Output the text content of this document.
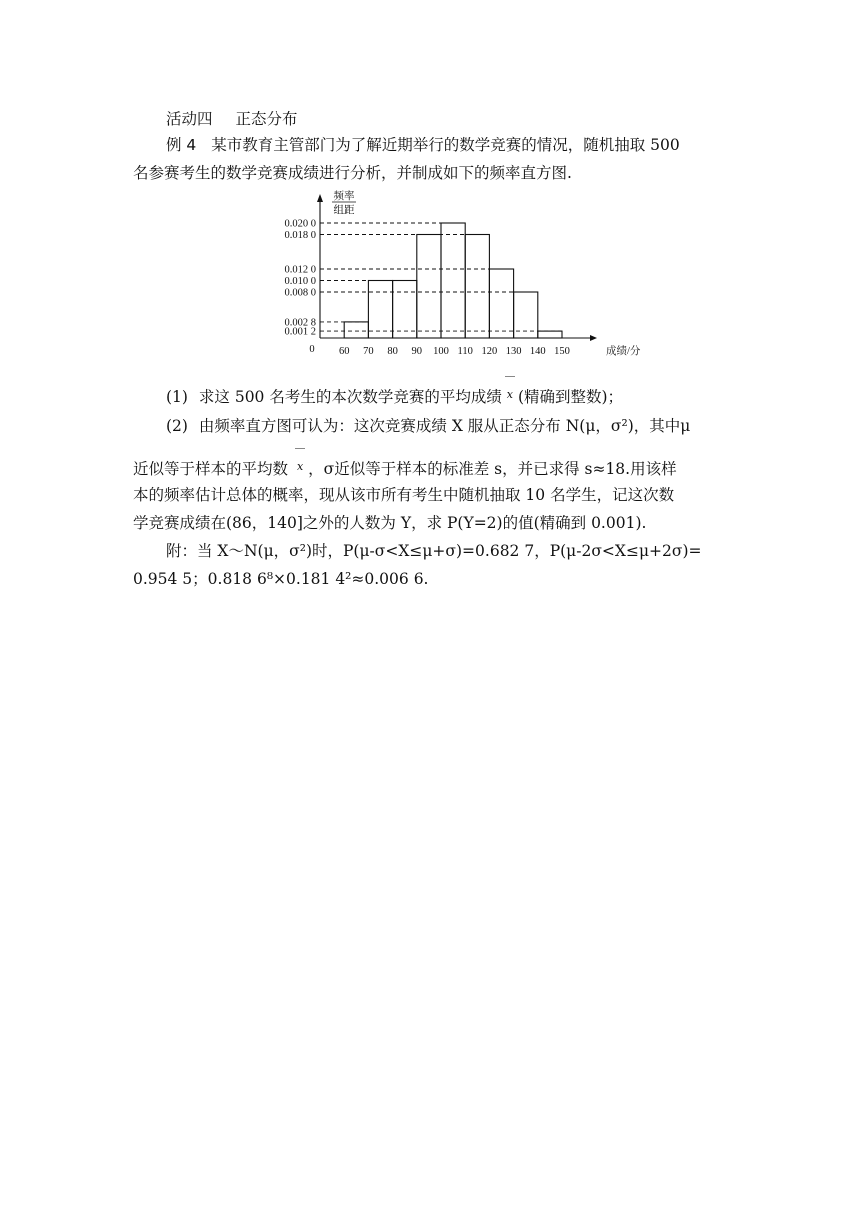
活动四 正态分布
例 4 某市教育主管部门为了解近期举行的数学竞赛的情况，随机抽取 500
名参赛考生的数学竞赛成绩进行分析，并制成如下的频率直方图.
0.020 0
0.018 0
0.012 0
0.010 0
0.008 0
0.002 8
0.001 2
60 70 80 90 100 110 120 130 140 150
0	成绩/分
频率
组距
(1) 求这 500 名考生的本次数学竞赛的平均成绩 x (精确到整数)；
(2) 由频率直方图可认为：这次竞赛成绩 X 服从正态分布 N(μ，σ²)，其中μ
近似等于样本的平均数 x ，σ近似等于样本的标准差 s，并已求得 s≈18.用该样
本的频率估计总体的概率，现从该市所有考生中随机抽取 10 名学生，记这次数
学竞赛成绩在(86，140]之外的人数为 Y，求 P(Y=2)的值(精确到 0.001).
附：当 X～N(μ，σ²)时，P(μ-σ<X≤μ+σ)=0.682 7，P(μ-2σ<X≤μ+2σ)=
0.954 5；0.818 6⁸×0.181 4²≈0.006 6.
